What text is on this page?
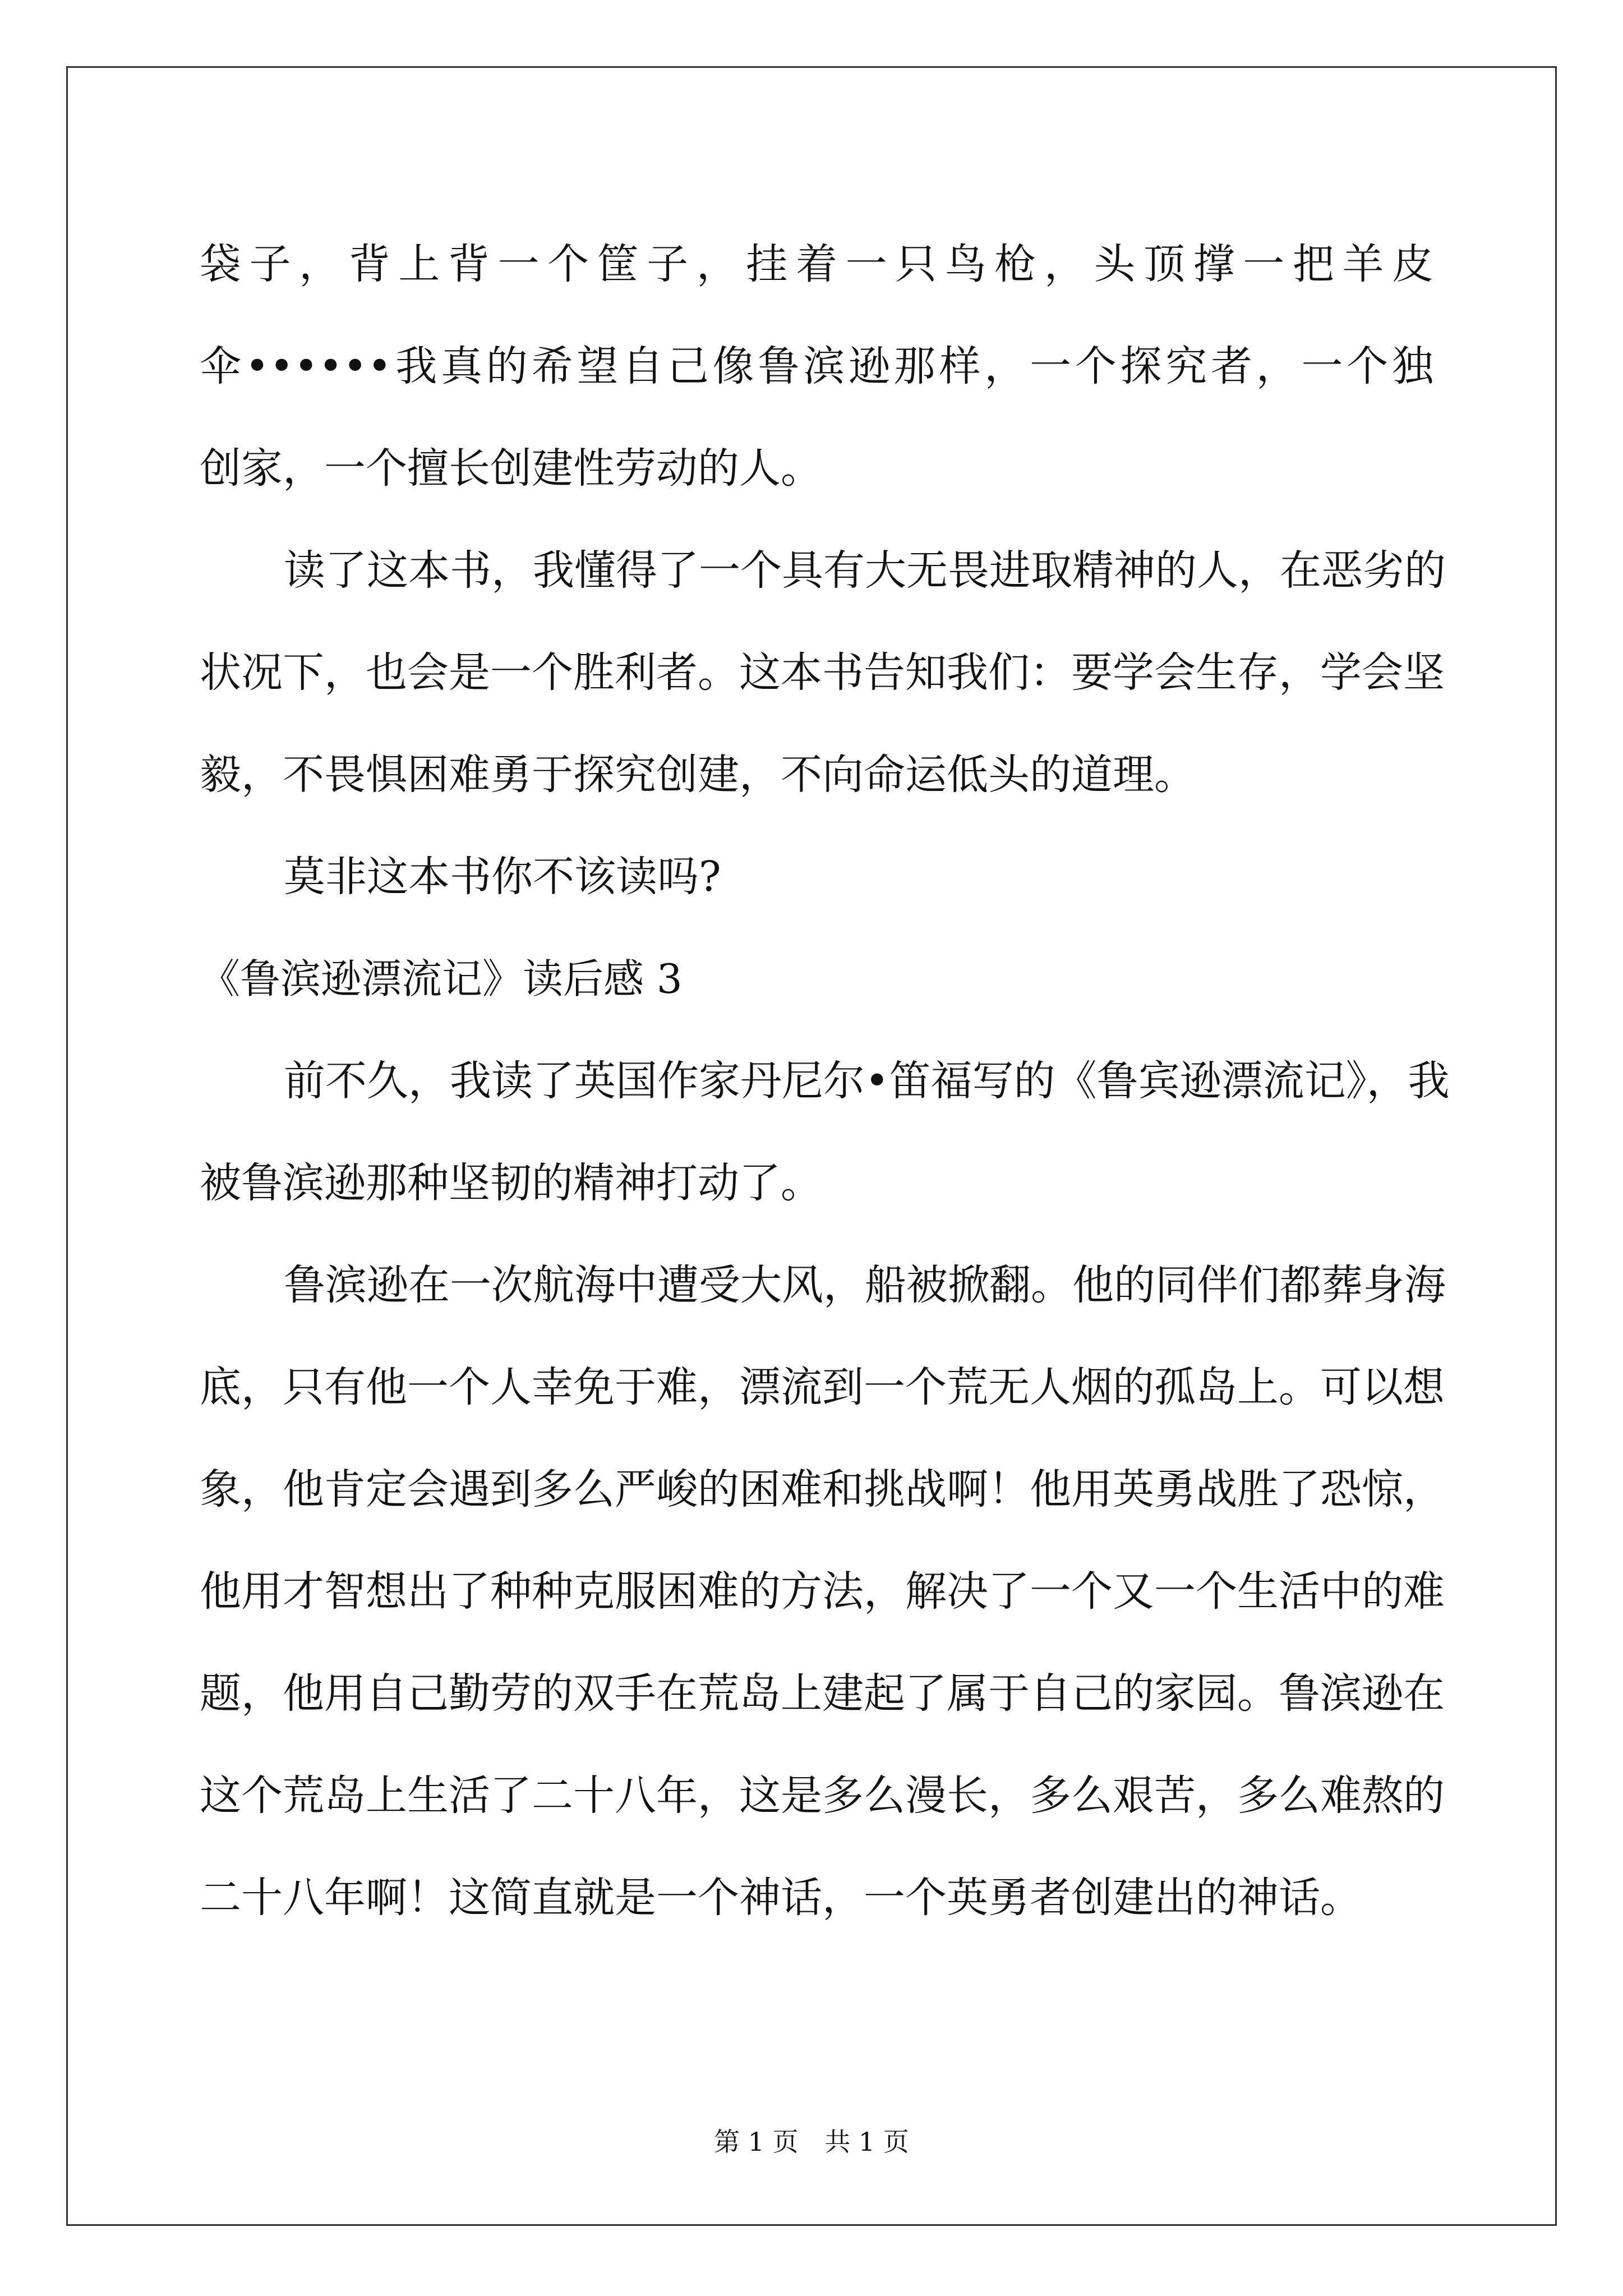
袋子，背上背一个筐子，挂着一只鸟枪，头顶撑一把羊皮
伞••••••我真的希望自己像鲁滨逊那样，一个探究者，一个独
创家，一个擅长创建性劳动的人。
读了这本书，我懂得了一个具有大无畏进取精神的人，在恶劣的
状况下，也会是一个胜利者。这本书告知我们：要学会生存，学会坚
毅，不畏惧困难勇于探究创建，不向命运低头的道理。
莫非这本书你不该读吗?
《鲁滨逊漂流记》读后感 3
前不久，我读了英国作家丹尼尔•笛福写的《鲁宾逊漂流记》，我
被鲁滨逊那种坚韧的精神打动了。
鲁滨逊在一次航海中遭受大风，船被掀翻。他的同伴们都葬身海
底，只有他一个人幸免于难，漂流到一个荒无人烟的孤岛上。可以想
象，他肯定会遇到多么严峻的困难和挑战啊！他用英勇战胜了恐惊，
他用才智想出了种种克服困难的方法，解决了一个又一个生活中的难
题，他用自己勤劳的双手在荒岛上建起了属于自己的家园。鲁滨逊在
这个荒岛上生活了二十八年，这是多么漫长，多么艰苦，多么难熬的
二十八年啊！这简直就是一个神话，一个英勇者创建出的神话。
第 1 页 共 1 页
